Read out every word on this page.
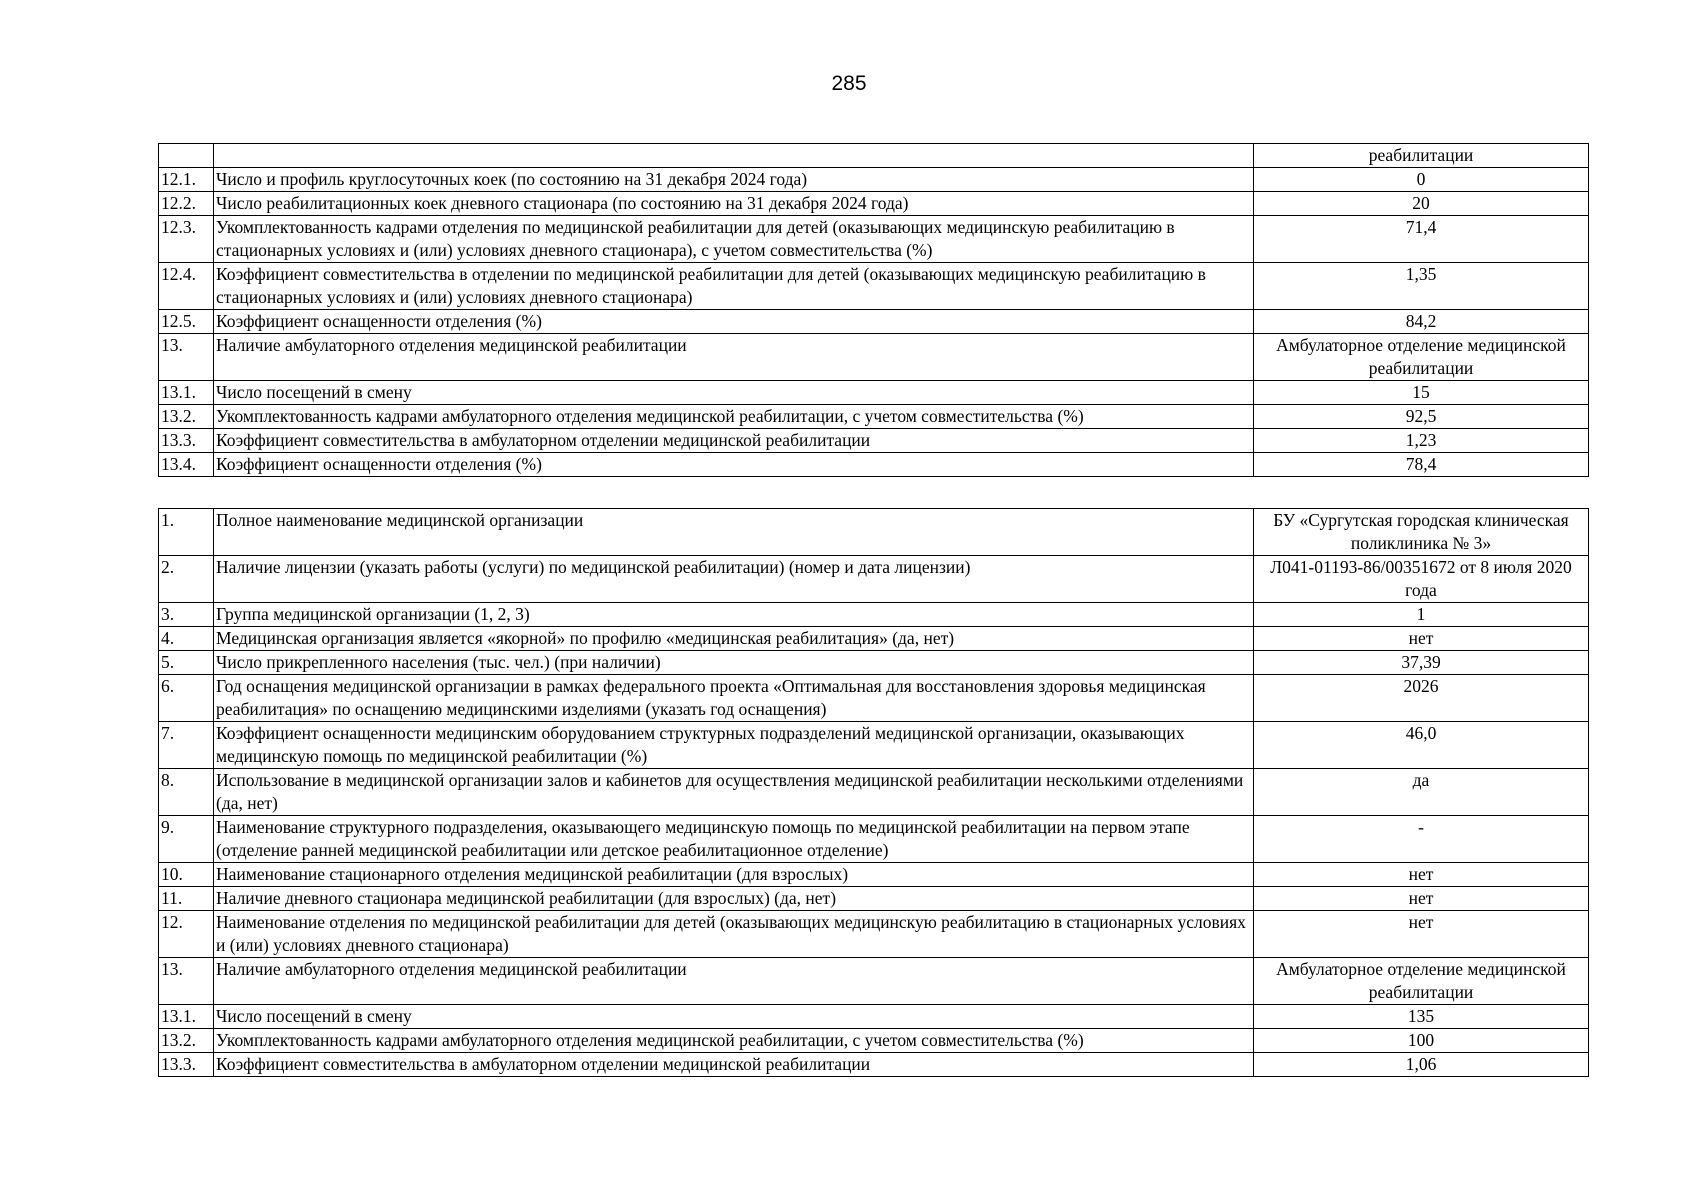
285
		реабилитации
12.1.	Число и профиль круглосуточных коек (по состоянию на 31 декабря 2024 года)	0
12.2.	Число реабилитационных коек дневного стационара (по состоянию на 31 декабря 2024 года)	20
12.3.	Укомплектованность кадрами отделения по медицинской реабилитации для детей (оказывающих медицинскую реабилитацию в стационарных условиях и (или) условиях дневного стационара), с учетом совместительства (%)	71,4
12.4.	Коэффициент совместительства в отделении по медицинской реабилитации для детей (оказывающих медицинскую реабилитацию в стационарных условиях и (или) условиях дневного стационара)	1,35
12.5.	Коэффициент оснащенности отделения (%)	84,2
13.	Наличие амбулаторного отделения медицинской реабилитации	Амбулаторное отделение медицинской реабилитации
13.1.	Число посещений в смену	15
13.2.	Укомплектованность кадрами амбулаторного отделения медицинской реабилитации, с учетом совместительства (%)	92,5
13.3.	Коэффициент совместительства в амбулаторном отделении медицинской реабилитации	1,23
13.4.	Коэффициент оснащенности отделения (%)	78,4
1.	Полное наименование медицинской организации	БУ «Сургутская городская клиническая поликлиника № 3»
2.	Наличие лицензии (указать работы (услуги) по медицинской реабилитации) (номер и дата лицензии)	Л041-01193-86/00351672 от 8 июля 2020 года
3.	Группа медицинской организации (1, 2, 3)	1
4.	Медицинская организация является «якорной» по профилю «медицинская реабилитация» (да, нет)	нет
5.	Число прикрепленного населения (тыс. чел.) (при наличии)	37,39
6.	Год оснащения медицинской организации в рамках федерального проекта «Оптимальная для восстановления здоровья медицинская реабилитация» по оснащению медицинскими изделиями (указать год оснащения)	2026
7.	Коэффициент оснащенности медицинским оборудованием структурных подразделений медицинской организации, оказывающих медицинскую помощь по медицинской реабилитации (%)	46,0
8.	Использование в медицинской организации залов и кабинетов для осуществления медицинской реабилитации несколькими отделениями (да, нет)	да
9.	Наименование структурного подразделения, оказывающего медицинскую помощь по медицинской реабилитации на первом этапе (отделение ранней медицинской реабилитации или детское реабилитационное отделение)	-
10.	Наименование стационарного отделения медицинской реабилитации (для взрослых)	нет
11.	Наличие дневного стационара медицинской реабилитации (для взрослых) (да, нет)	нет
12.	Наименование отделения по медицинской реабилитации для детей (оказывающих медицинскую реабилитацию в стационарных условиях и (или) условиях дневного стационара)	нет
13.	Наличие амбулаторного отделения медицинской реабилитации	Амбулаторное отделение медицинской реабилитации
13.1.	Число посещений в смену	135
13.2.	Укомплектованность кадрами амбулаторного отделения медицинской реабилитации, с учетом совместительства (%)	100
13.3.	Коэффициент совместительства в амбулаторном отделении медицинской реабилитации	1,06
